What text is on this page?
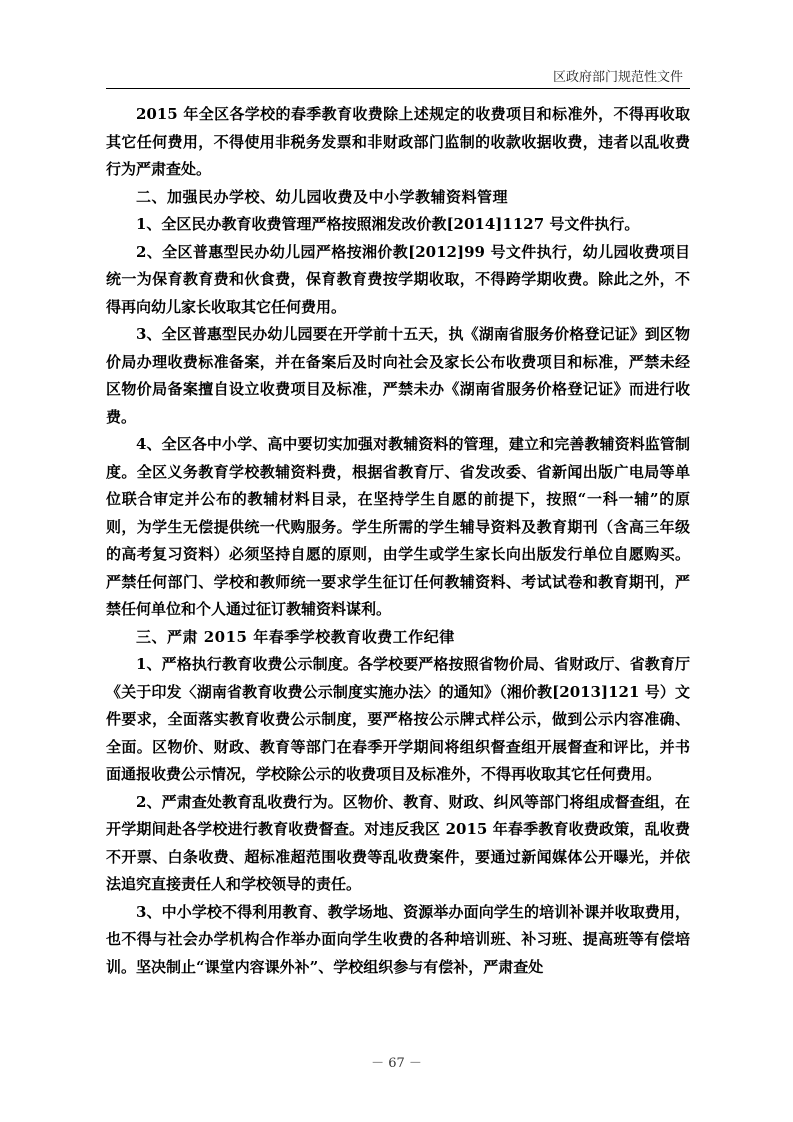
区政府部门规范性文件

2015 年全区各学校的春季教育收费除上述规定的收费项目和标准外，不得再收取其它任何费用，不得使用非税务发票和非财政部门监制的收款收据收费，违者以乱收费行为严肃查处。

二、加强民办学校、幼儿园收费及中小学教辅资料管理

1、全区民办教育收费管理严格按照湘发改价教[2014]1127 号文件执行。

2、全区普惠型民办幼儿园严格按湘价教[2012]99 号文件执行，幼儿园收费项目统一为保育教育费和伙食费，保育教育费按学期收取，不得跨学期收费。除此之外，不得再向幼儿家长收取其它任何费用。

3、全区普惠型民办幼儿园要在开学前十五天，执《湖南省服务价格登记证》到区物价局办理收费标准备案，并在备案后及时向社会及家长公布收费项目和标准，严禁未经区物价局备案擅自设立收费项目及标准，严禁未办《湖南省服务价格登记证》而进行收费。

4、全区各中小学、高中要切实加强对教辅资料的管理，建立和完善教辅资料监管制度。全区义务教育学校教辅资料费，根据省教育厅、省发改委、省新闻出版广电局等单位联合审定并公布的教辅材料目录，在坚持学生自愿的前提下，按照“一科一辅”的原则，为学生无偿提供统一代购服务。学生所需的学生辅导资料及教育期刊（含高三年级的高考复习资料）必须坚持自愿的原则，由学生或学生家长向出版发行单位自愿购买。严禁任何部门、学校和教师统一要求学生征订任何教辅资料、考试试卷和教育期刊，严禁任何单位和个人通过征订教辅资料谋利。

三、严肃 2015 年春季学校教育收费工作纪律

1、严格执行教育收费公示制度。各学校要严格按照省物价局、省财政厅、省教育厅《关于印发〈湖南省教育收费公示制度实施办法〉的通知》（湘价教[2013]121 号）文件要求，全面落实教育收费公示制度，要严格按公示牌式样公示，做到公示内容准确、全面。区物价、财政、教育等部门在春季开学期间将组织督查组开展督查和评比，并书面通报收费公示情况，学校除公示的收费项目及标准外，不得再收取其它任何费用。

2、严肃查处教育乱收费行为。区物价、教育、财政、纠风等部门将组成督查组，在开学期间赴各学校进行教育收费督查。对违反我区 2015 年春季教育收费政策，乱收费不开票、白条收费、超标准超范围收费等乱收费案件，要通过新闻媒体公开曝光，并依法追究直接责任人和学校领导的责任。

3、中小学校不得利用教育、教学场地、资源举办面向学生的培训补课并收取费用，也不得与社会办学机构合作举办面向学生收费的各种培训班、补习班、提高班等有偿培训。坚决制止“课堂内容课外补”、学校组织参与有偿补，严肃查处

－ 67 －
